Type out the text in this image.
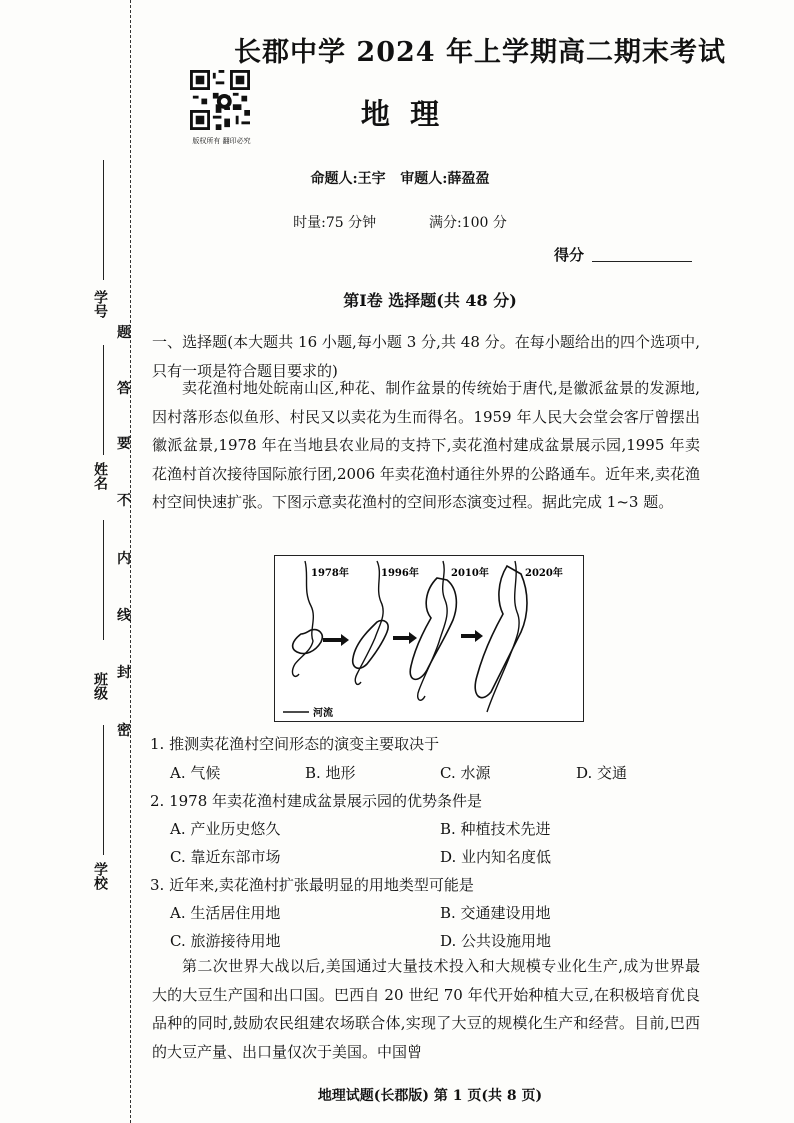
学号
姓名
班级
学校
密
封
线
内
不
要
答
题
长郡中学 2024 年上学期高二期末考试
版权所有 翻印必究
地  理
命题人:王宇   审题人:薛盈盈
时量:75 分钟	满分:100 分
得分
第Ⅰ卷 选择题(共 48 分)
一、选择题(本大题共 16 小题,每小题 3 分,共 48 分。在每小题给出的四个选项中,只有一项是符合题目要求的)
卖花渔村地处皖南山区,种花、制作盆景的传统始于唐代,是徽派盆景的发源地,因村落形态似鱼形、村民又以卖花为生而得名。1959 年人民大会堂会客厅曾摆出徽派盆景,1978 年在当地县农业局的支持下,卖花渔村建成盆景展示园,1995 年卖花渔村首次接待国际旅行团,2006 年卖花渔村通往外界的公路通车。近年来,卖花渔村空间快速扩张。下图示意卖花渔村的空间形态演变过程。据此完成 1~3 题。
1978年	1996年	2010年	2020年
河流
1. 推测卖花渔村空间形态的演变主要取决于
A. 气候	B. 地形	C. 水源	D. 交通
2. 1978 年卖花渔村建成盆景展示园的优势条件是
A. 产业历史悠久	B. 种植技术先进
C. 靠近东部市场	D. 业内知名度低
3. 近年来,卖花渔村扩张最明显的用地类型可能是
A. 生活居住用地	B. 交通建设用地
C. 旅游接待用地	D. 公共设施用地
第二次世界大战以后,美国通过大量技术投入和大规模专业化生产,成为世界最大的大豆生产国和出口国。巴西自 20 世纪 70 年代开始种植大豆,在积极培育优良品种的同时,鼓励农民组建农场联合体,实现了大豆的规模化生产和经营。目前,巴西的大豆产量、出口量仅次于美国。中国曾
地理试题(长郡版) 第 1 页(共 8 页)
